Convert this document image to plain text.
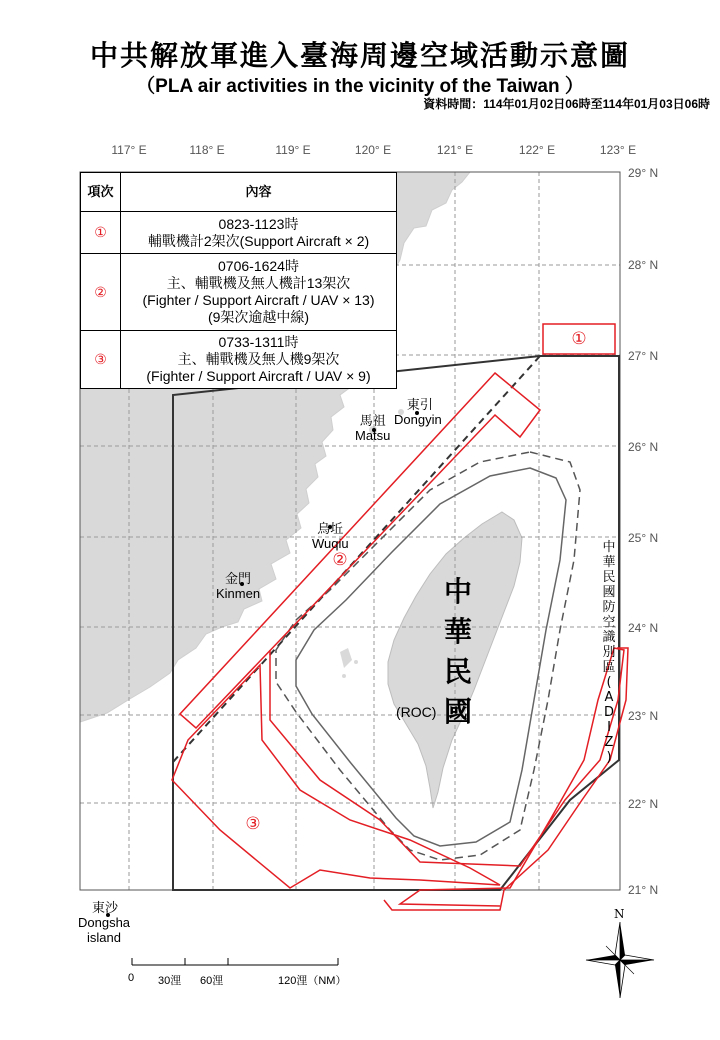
中共解放軍進入臺海周邊空域活動示意圖
（PLA air activities in the vicinity of the Taiwan ）
資料時間：114年01月02日06時至114年01月03日06時
117° E	118° E	119° E	120° E	121° E	122° E	123° E
29° N
28° N
27° N
26° N
25° N
24° N
23° N
22° N
21° N
項次	內容
①	0823-1123時
輔戰機計2架次(Support Aircraft × 2)

②	0706-1624時
主、輔戰機及無人機計13架次
(Fighter / Support Aircraft / UAV × 13)
(9架次逾越中線)

③	0733-1311時
主、輔戰機及無人機9架次
(Fighter / Support Aircraft / UAV × 9)
①
②
③
東引
Dongyin
馬祖
Matsu
烏坵
Wuqiu
金門
Kinmen
東沙
Dongsha
island
中
華
民
國
(ROC)
中
華
民
國
防
空
識
別
區
(
A
D
I
Z
)
0 30浬 60浬	120浬（NM）
N
